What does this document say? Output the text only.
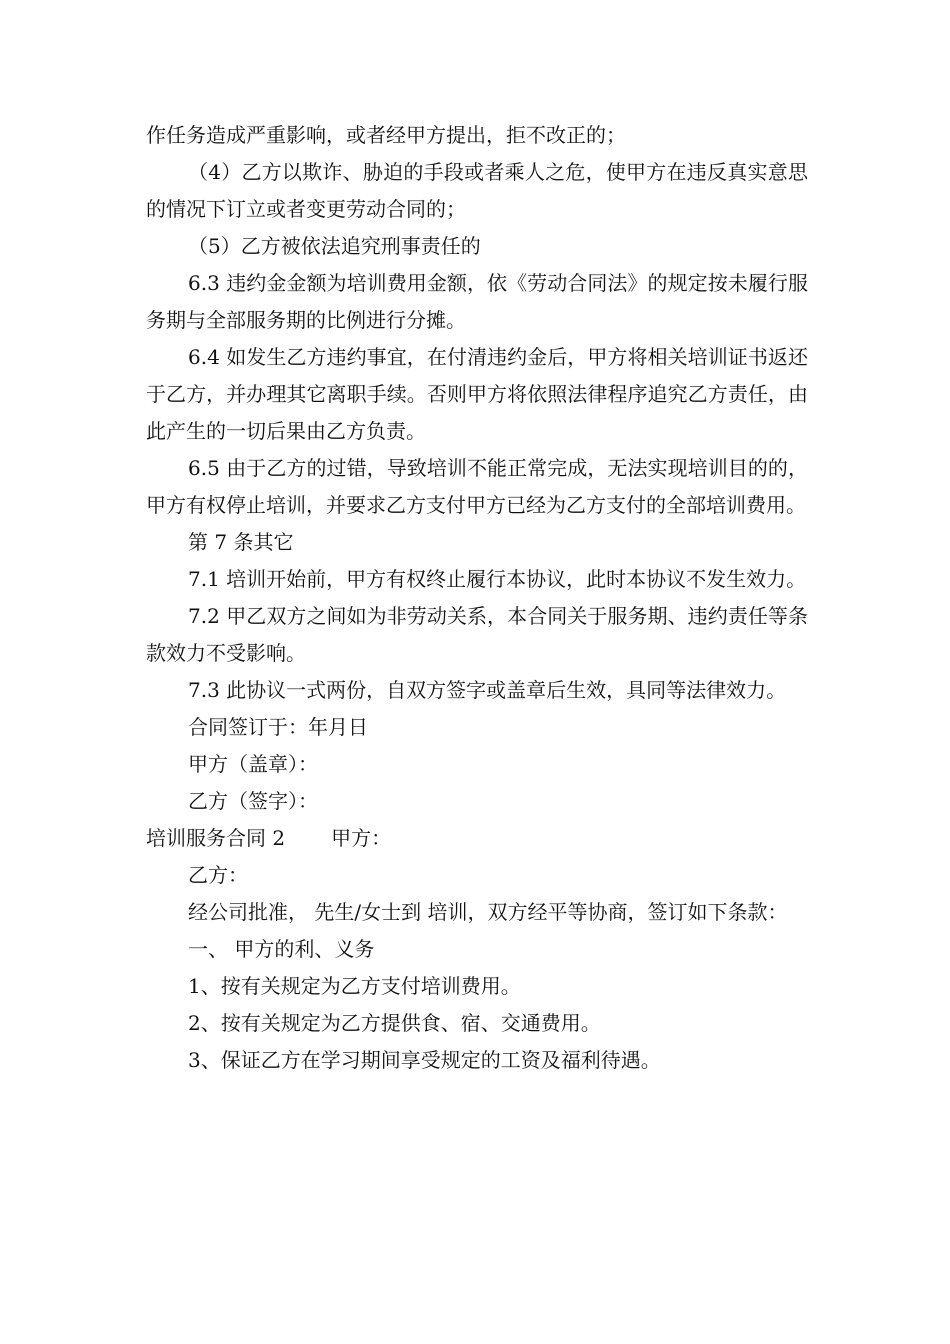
作任务造成严重影响，或者经甲方提出，拒不改正的；

（4）乙方以欺诈、胁迫的手段或者乘人之危，使甲方在违反真实意思的情况下订立或者变更劳动合同的；

（5）乙方被依法追究刑事责任的

6.3 违约金金额为培训费用金额，依《劳动合同法》的规定按未履行服务期与全部服务期的比例进行分摊。

6.4 如发生乙方违约事宜，在付清违约金后，甲方将相关培训证书返还于乙方，并办理其它离职手续。否则甲方将依照法律程序追究乙方责任，由此产生的一切后果由乙方负责。

6.5 由于乙方的过错，导致培训不能正常完成，无法实现培训目的的，甲方有权停止培训，并要求乙方支付甲方已经为乙方支付的全部培训费用。

第 7 条其它

7.1 培训开始前，甲方有权终止履行本协议，此时本协议不发生效力。

7.2 甲乙双方之间如为非劳动关系，本合同关于服务期、违约责任等条款效力不受影响。

7.3 此协议一式两份，自双方签字或盖章后生效，具同等法律效力。

合同签订于：年月日

甲方（盖章）：

乙方（签字）：

培训服务合同 2 甲方：

乙方：

经公司批准， 先生/女士到 培训，双方经平等协商，签订如下条款：

一、 甲方的利、义务

1、按有关规定为乙方支付培训费用。

2、按有关规定为乙方提供食、宿、交通费用。

3、保证乙方在学习期间享受规定的工资及福利待遇。
